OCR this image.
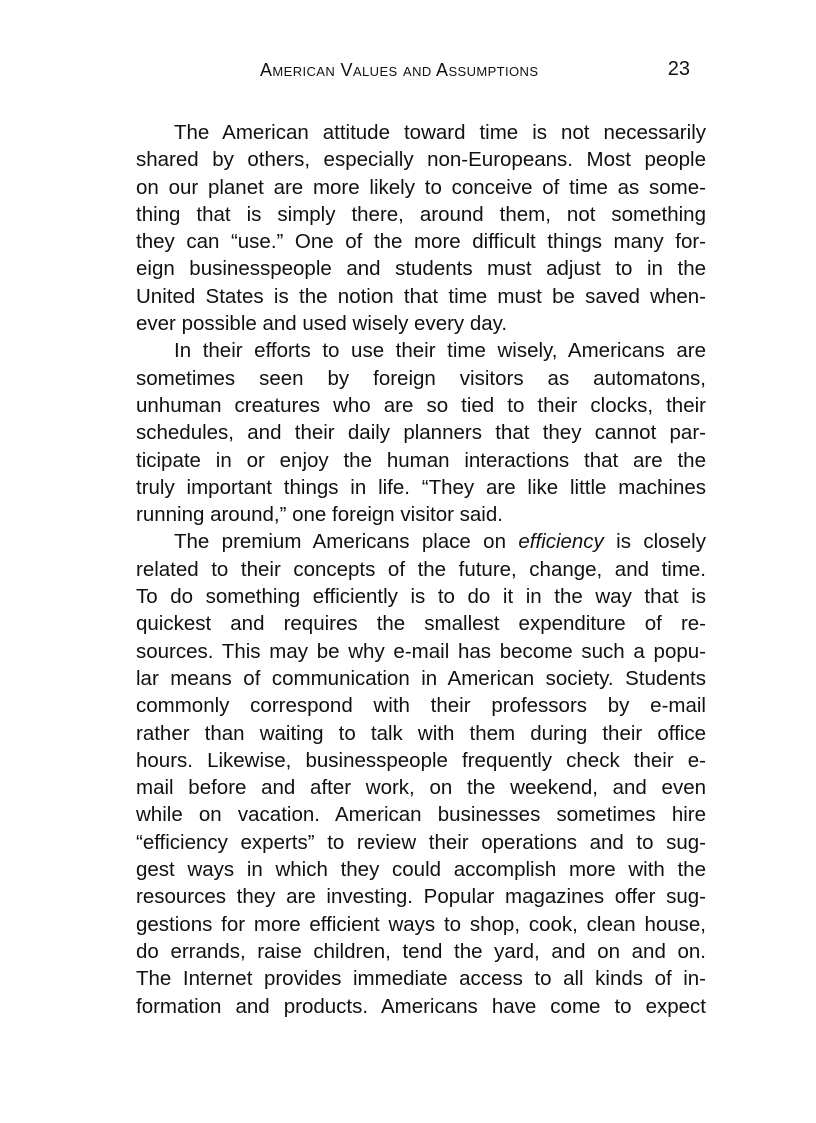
American Values and Assumptions	23
The American attitude toward time is not necessarily
shared by others, especially non-Europeans. Most people
on our planet are more likely to conceive of time as some-
thing that is simply there, around them, not something
they can “use.” One of the more difficult things many for-
eign businesspeople and students must adjust to in the
United States is the notion that time must be saved when-
ever possible and used wisely every day.
In their efforts to use their time wisely, Americans are
sometimes seen by foreign visitors as automatons,
unhuman creatures who are so tied to their clocks, their
schedules, and their daily planners that they cannot par-
ticipate in or enjoy the human interactions that are the
truly important things in life. “They are like little machines
running around,” one foreign visitor said.
The premium Americans place on efficiency is closely
related to their concepts of the future, change, and time.
To do something efficiently is to do it in the way that is
quickest and requires the smallest expenditure of re-
sources. This may be why e-mail has become such a popu-
lar means of communication in American society. Students
commonly correspond with their professors by e-mail
rather than waiting to talk with them during their office
hours. Likewise, businesspeople frequently check their e-
mail before and after work, on the weekend, and even
while on vacation. American businesses sometimes hire
“efficiency experts” to review their operations and to sug-
gest ways in which they could accomplish more with the
resources they are investing. Popular magazines offer sug-
gestions for more efficient ways to shop, cook, clean house,
do errands, raise children, tend the yard, and on and on.
The Internet provides immediate access to all kinds of in-
formation and products. Americans have come to expect
